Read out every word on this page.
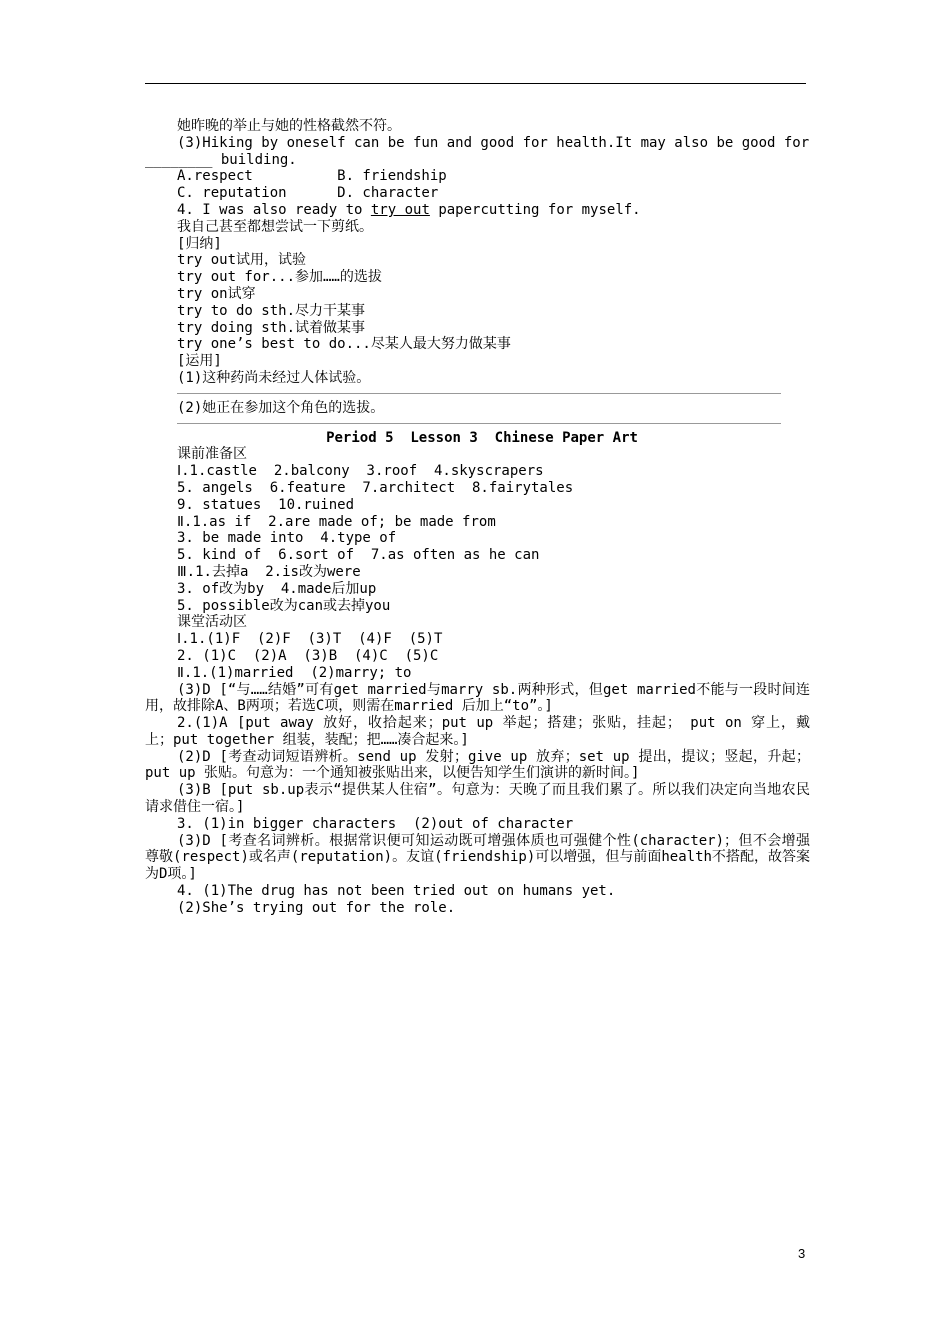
她昨晚的举止与她的性格截然不符。
(3)Hiking by oneself can be fun and good for health.It may also be good for
________ building.
A.respect          B. friendship
C. reputation      D. character
4. I was also ready to try out papercutting for myself.
我自己甚至都想尝试一下剪纸。
[归纳]
try out试用，试验
try out for...参加……的选拔
try on试穿
try to do sth.尽力干某事
try doing sth.试着做某事
try one’s best to do...尽某人最大努力做某事
[运用]
(1)这种药尚未经过人体试验。
(2)她正在参加这个角色的选拔。
Period 5  Lesson 3  Chinese Paper Art
课前准备区
Ⅰ.1.castle  2.balcony  3.roof  4.skyscrapers
5. angels  6.feature  7.architect  8.fairytales
9. statues  10.ruined
Ⅱ.1.as if  2.are made of; be made from
3. be made into  4.type of
5. kind of  6.sort of  7.as often as he can
Ⅲ.1.去掉a  2.is改为were
3. of改为by  4.made后加up
5. possible改为can或去掉you
课堂活动区
Ⅰ.1.(1)F  (2)F  (3)T  (4)F  (5)T
2. (1)C  (2)A  (3)B  (4)C  (5)C
Ⅱ.1.(1)married  (2)marry; to
(3)D [“与……结婚”可有get married与marry sb.两种形式，但get married不能与一段时间连用，故排除A、B两项；若选C项，则需在married 后加上“to”。]
2.(1)A [put away 放好，收拾起来；put up 举起；搭建；张贴，挂起； put on 穿上，戴上；put together 组装，装配；把……凑合起来。]
(2)D [考查动词短语辨析。send up 发射；give up 放弃；set up 提出，提议；竖起，升起；put up 张贴。句意为：一个通知被张贴出来，以便告知学生们演讲的新时间。]
(3)B [put sb.up表示“提供某人住宿”。句意为：天晚了而且我们累了。所以我们决定向当地农民请求借住一宿。]
3. (1)in bigger characters  (2)out of character
(3)D [考查名词辨析。根据常识便可知运动既可增强体质也可强健个性(character)；但不会增强尊敬(respect)或名声(reputation)。友谊(friendship)可以增强，但与前面health不搭配，故答案为D项。]
4. (1)The drug has not been tried out on humans yet.
(2)She’s trying out for the role.
3
